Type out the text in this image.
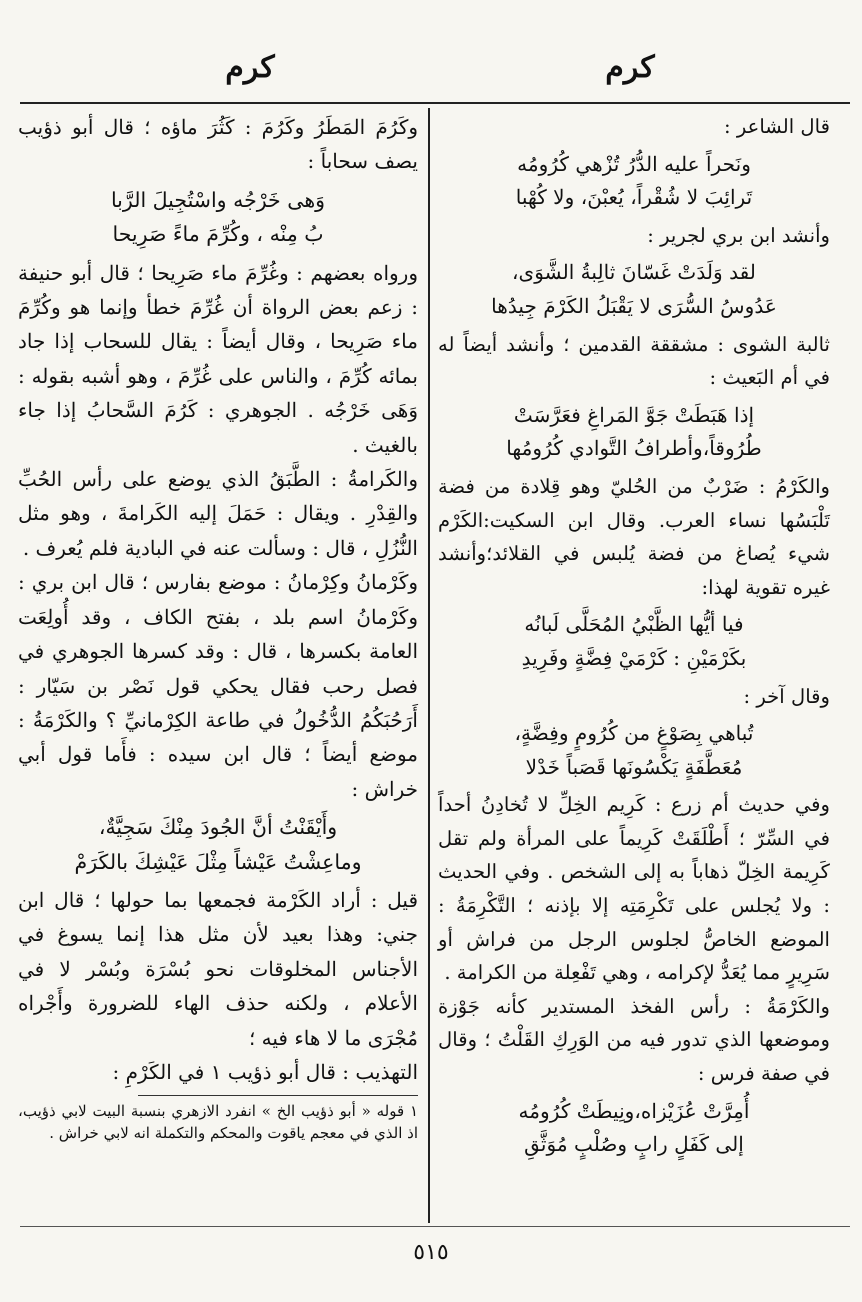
كرم
كرم

قال الشاعر :

ونَحراً عليه الدُّرُ تُزْهي كُرُومُه
تَرائِبَ لا شُقْراً، يُعبْنَ، ولا كُهْبا

وأنشد ابن بري لجرير :

لقد وَلَدَتْ غَسّانَ ثالِبةُ الشَّوَى،
عَدُوسُ السُّرَى لا يَقْبَلُ الكَرْمَ جِيدُها

ثالبة الشوى : مشققة القدمين ؛ وأنشد أيضاً له في أم البَعيث :

إذا هَبَطَتْ جَوَّ المَراغِ فعَرَّسَتْ
طُرُوقاً،وأطرافُ التَّوادي كُرُومُها

والكَرْمُ : ضَرْبٌ من الحُليّ وهو قِلادة من فضة تَلْبَسُها نساء العرب. وقال ابن السكيت:الكَرْم شيء يُصاغ من فضة يُلبس في القلائد؛وأنشد غيره تقوية لهذا:

فيا أيُّها الظَّبْيُ المُحَلَّى لَبانُه
بكَرْمَيْنِ : كَرْمَيْ فِضَّةٍ وفَرِيدِ

وقال آخر :

تُباهي بِصَوْغٍ من كُرُومٍ وفِضَّةٍ،
مُعَطَّفَةٍ يَكْسُونَها قَصَباً خَدْلا

وفي حديث أم زرع : كَرِيم الخِلِّ لا تُخادِنُ أحداً في السِّرّ ؛ أَطْلَقَتْ كَرِيماً على المرأة ولم تقل كَرِيمة الخِلّ ذهاباً به إلى الشخص . وفي الحديث : ولا يُجلس على تَكْرِمَتِه إلا بإذنه ؛ التَّكْرِمَةُ : الموضع الخاصُّ لجلوس الرجل من فراش أو سَرِيرٍ مما يُعَدُّ لإكرامه ، وهي تَفْعِلة من الكرامة .

والكَرْمَةُ : رأس الفخذ المستدير كأنه جَوْزة وموضعها الذي تدور فيه من الوَرِكِ القَلْتُ ؛ وقال في صفة فرس :

أُمِرَّتْ عُزَيْزاه،ونِيطَتْ كُرُومُه
إلى كَفَلٍ رابٍ وصُلْبٍ مُوَثَّقِ

وكَرُمَ المَطَرُ وكَرُمَ : كَثُرَ ماؤه ؛ قال أبو ذؤيب يصف سحاباً :

وَهى خَرْجُه واسْتُجِيلَ الرَّبا
بُ مِنْه ، وكُرِّمَ ماءً صَرِيحا

ورواه بعضهم : وغُرِّمَ ماء صَرِيحا ؛ قال أبو حنيفة : زعم بعض الرواة أن غُرِّمَ خطأ وإنما هو وكُرِّمَ ماء صَرِيحا ، وقال أيضاً : يقال للسحاب إذا جاد بمائه كُرِّمَ ، والناس على غُرِّمَ ، وهو أشبه بقوله : وَهَى خَرْجُه . الجوهري : كَرُمَ السَّحابُ إذا جاء بالغيث .

والكَرامةُ : الطَّبَقُ الذي يوضع على رأس الحُبِّ والقِدْرِ . ويقال : حَمَلَ إليه الكَرامةَ ، وهو مثل النُّزُلِ ، قال : وسألت عنه في البادية فلم يُعرف .

وكَرْمانُ وكِرْمانُ : موضع بفارس ؛ قال ابن بري : وكَرْمانُ اسم بلد ، بفتح الكاف ، وقد أُولِعَت العامة بكسرها ، قال : وقد كسرها الجوهري في فصل رحب فقال يحكي قول نَصْر بن سَيّار : أَرَحُبَكُمُ الدُّخُولُ في طاعة الكِرْمانيِّ ؟ والكَرْمَةُ : موضع أيضاً ؛ قال ابن سيده : فأَما قول أبي خراش :

وأَيْقَنْتُ أنَّ الجُودَ مِنْكَ سَجِيَّةٌ،
وماعِشْتُ عَيْشاً مِثْلَ عَيْشِكَ بالكَرَمْ

قيل : أراد الكَرْمة فجمعها بما حولها ؛ قال ابن جني: وهذا بعيد لأن مثل هذا إنما يسوغ في الأجناس المخلوقات نحو بُسْرَة وبُسْر لا في الأعلام ، ولكنه حذف الهاء للضرورة وأَجْراه مُجْرَى ما لا هاء فيه ؛

التهذيب : قال أبو ذؤيب ١ في الكَرْمِ :

١ قوله « أبو ذؤيب الخ » انفرد الازهري بنسبة البيت لابي ذؤيب، اذ الذي في معجم ياقوت والمحكم والتكملة انه لابي خراش .

٥١٥
